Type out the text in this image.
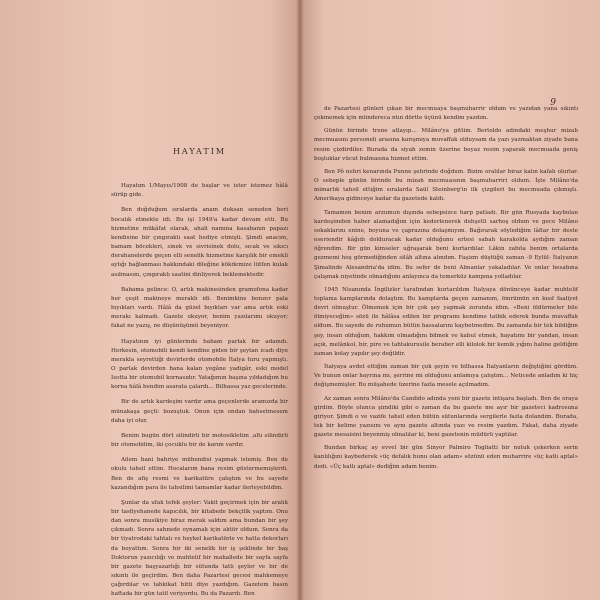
HAYATIM

Hayatım 1/Mayıs/1908 de başlar ve ister istemez hâlâ sürüp gide.

Ben doğduğum sıralarda anam doksan seneden beri bocalık etmekte idi. Bu işi 1949'a kadar devam etti. Bu hizmetine mükâfat olarak, ahali namına kasabanın papazı kendisine bir çıngıraklı saat hediye etmişti. Şimdi anacım, bamam böcekleri, sinek ve sivrisinek dolu, sıcak ve sıkıcı derahanelerde geçen elli senelik hizmetine karşılık bir emekli aylığı bağlanması hakkındaki dileğine kökdemize lütfen kulak asılmasını, çıngıraklı saatini dinliyerek beklemektedir.

Babama gelince: O, artık makinesinden gramofona kadar her çeşit makineye meraklı idi. Benimkine bonzer pala bıyıkları vardı. Hâlâ da güzel bıyıkları var ama artık eski merakı kalmadı. Gazete okuyor, benim yazılarımı okuyor; fakat ne yazış, ne düşünüşümü beyeniyor.

Hayatının iyi günlerinde babam parlak bir adamdı. Herkesin, otomobili kendi kendine giden bir şeytan icadı diye merakla seyrettiği devirlerde otomobile İtalya turu yapmıştı. O parlak devirden bana kalan yegâne yadigâr, eski model Isotta bir otomobil kornasıdır. Yatağımın başına yıldadığım bu korna hâlâ bendim asarata çalardı... Bilhassa yaz gecelerinde.

Bir de artık kardeşim vardır ama geçenlerde aramızda bir münakaşa geçti: bozuştuk. Onun için ondan bahsetmesem daha iyi olur.

Benim bugün dört silindirli bir motosikletim ,altı silindirli bir otomobilim, iki çocuklu bir de karım vardır.

Ailem bani bahriye mühendisi yapmak istemiş. Ben de okulu tahsil ettim. Hocalarım bana resim göstermemişlerdi. Ben de afiş resmi ve karikatüre çalıştım ve bu sayede kazandığım para ile tahsilimi tamamlar kadar ilerleyebildim.

Şunlar da ufak tefek şeyler: Vakit geçirmek için bir aralık bir tasfiyehanede kapıcılık, bir kitabede bekçilik yaptım. Onu dan sonra musikiye biraz merak saldım ama bundan bir şey çıkmadı. Sonra sahnede oynamak için aktör oldum. Sonra da bir tiyatrodaki tahtalı ve heykel karikatürle ve hatta dekorları da boyattım. Sonra bir iki senelik bir iş şeklinde bir baş Doktorun yazıcılığı ve muhtelif bir mahallede bir sayfa sayfa bir gazete başyazarlığı bir sütunda tatlı şeyler ve bir de sıkıntı ile geçirdim. Ben daha Pazartesi gecesi mahkemeye çağırdılar ve tahkikat bitti diye yazdığım. Gazetem basın haftada bir gün tatil veriyordu. Bu da Pazardı. Ben

9

de Pazartesi günleri çıkan bir mecmuaya başmuharrir oldum ve yazıdan yana sıkıntı çekmemek için mündereca ntın dörtte üçünü kendim yazdım.

Günün birinde trene atlayıp... Milâno'ya gittim. Bertoldo adındaki meşhur mizah mecmuasını personeli arasına karışmıya muvaffak olduysam da yazı yazmaktan ziyade bana resim çizdirdiler. Burada da siyah zemin üzerine beyaz resim yaparak mecmuada geniş boşluklar vücut bulmasına hizmet ettim.

Ben Pô nehri kenarında Punne şehrinde doğdum. Bizim oralılar biraz kalın kafalı olurlar. O sebeple günün birinde bu mizah mecmuasının başmuharriri oldum. İşte Milâno'da mimarlık tahsil ettiğim sıralarda Saül Steinberg'in ilk çizgileri bu mecmuada çıkmıştı. Amerikaya gidinceye kadar da gazetede kaldı.

Tamamen benim arzumun dışında sebepsizce harp patladı. Bir gün Rusyada kaybolan kardeşimden haber alamadığım için kederlenerek dehşetli sarhoş oldum ve gece Milâno sokaklarını enine, boyuna ve çaprazına dolaşmıyım. Bağırarak söylediğim lâflar bir deste eseriendir kâğıdı dolduracak kadar olduğunu ertesi sabah karakolda aydığım zaman öğrendim. Bir gün kimseler uğraşarak beni kurtardılar. Lâkin zabıta benim ortalarda gezmemi hoş görmediğinden silâh altına alındım. Faşizm düştüğü zaman -9 Eylül- İtalyanın Şimalinde Alesandria'da idim. Bu sefer de beni Almanlar yakaladılar. Ve onlar hesabına çalışmak niyetinde olmadığımı anlayınca da temerküz kampına yolladılar.

1945 Nisanında İngilizler tarafından kurtarıldım İtalyaya dönünceye kadar muhtelif toplama kamplarında dolaştım. Bu kamplarda geçen zamanım, ömrümün en kısıf faaliyet devri olmuştur. Ölmemek için bir çok şey yapmak zorunda idim. «Beni öldürmeler bile ölmiyeceğim» sözü ile hâlâsa edilen bir programı kendime tatbik ederek bunda muvaffak oldum. Bu sayede de ruhumun bütün hassalarını kaybetmedim. Bu zamanda bir tek bildiğim şey, insan olduğum, hakkım olmadığını bilmek ve kabul etmek, hayatımı bir yandan, insan açık, melânkol, bir, pire ve tahtakurusile beraber elli kilolok bir kemik yığını haline geldiğim zaman kolay yapılır şey değildir.

İtalyaya avdet ettiğim zaman bir çok şeyin ve bilhassa İtalyanların değiştiğini gördüm. Ve bunun onlar hayrına mı, şerrine mi olduğunu anlamıya çalıştım... Neticede anladım ki hiç değişmemişler. Bu müşahede üzerine fazla mesele açılmadım.

Az zaman sonra Milâno'da Candido adında yeni bir gazete intişara başladı. Ben de oraya girdim. Böyle olunca şimdiki gibi o zaman da bu gazete me ayır bir gazeteci kadrosuna giriyor. Şimdi o ve vazife tahsil eden bütün sütunlarında sergilerle fazla dolandım. Burada, tek bir kelime yazısını ve aynı gazete altında yazı ve resim yazdım. Fakat, daha ziyade gazete mesaisini beyenmiş olmalılar ki, beni gazetenin müdürü yaptılar.

Bundan birkaç ay evvel bir gün Sinyor Palmiro Togliatti bir nutuk çekerken serin kanlılığını kaybederek «üç defalık bunu olan adam» sözünü eden muharrire «üç katlı aptal» dedi. «Üç katlı aptal» dediğim adam benim.
